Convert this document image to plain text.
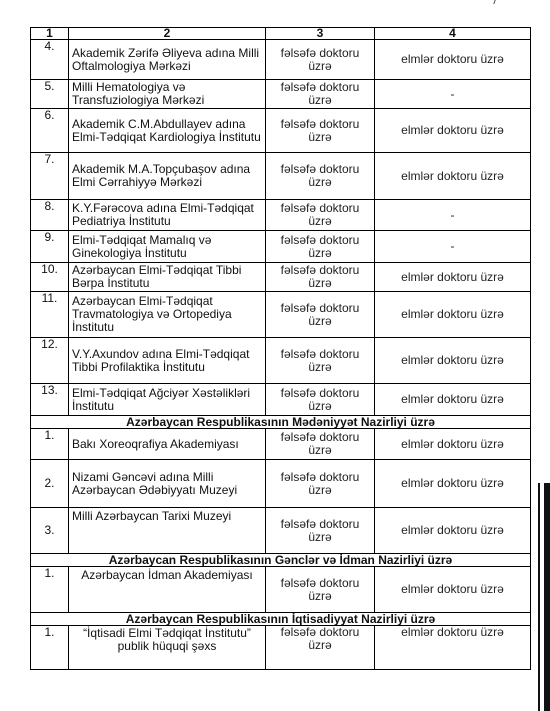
1	2	3	4
4.	Akademik Zərifə Əliyeva adına Milli Oftalmologiya Mərkəzi	fəlsəfə doktoru üzrə	elmlər doktoru üzrə
5.	Milli Hematologiya və Transfuziologiya Mərkəzi	fəlsəfə doktoru üzrə	-
6.	Akademik C.M.Abdullayev adına Elmi-Tədqiqat Kardiologiya İnstitutu	fəlsəfə doktoru üzrə	elmlər doktoru üzrə
7.	Akademik M.A.Topçubaşov adına Elmi Cərrahiyyə Mərkəzi	fəlsəfə doktoru üzrə	elmlər doktoru üzrə
8.	K.Y.Fərəcova adına Elmi-Tədqiqat Pediatriya İnstitutu	fəlsəfə doktoru üzrə	-
9.	Elmi-Tədqiqat Mamalıq və Ginekologiya İnstitutu	fəlsəfə doktoru üzrə	-
10.	Azərbaycan Elmi-Tədqiqat Tibbi Bərpa İnstitutu	fəlsəfə doktoru üzrə	elmlər doktoru üzrə
11.	Azərbaycan Elmi-Tədqiqat Travmatologiya və Ortopediya İnstitutu	fəlsəfə doktoru üzrə	elmlər doktoru üzrə
12.	V.Y.Axundov adına Elmi-Tədqiqat Tibbi Profilaktika İnstitutu	fəlsəfə doktoru üzrə	elmlər doktoru üzrə
13.	Elmi-Tədqiqat Ağciyər Xəstəlikləri İnstitutu	fəlsəfə doktoru üzrə	elmlər doktoru üzrə
Azərbaycan Respublikasının Mədəniyyət Nazirliyi üzrə			
1.	Bakı Xoreoqrafiya Akademiyası	fəlsəfə doktoru üzrə	elmlər doktoru üzrə
2.	Nizami Gəncəvi adına Milli Azərbaycan Ədəbiyyatı Muzeyi	fəlsəfə doktoru üzrə	elmlər doktoru üzrə
3.	Milli Azərbaycan Tarixi Muzeyi	fəlsəfə doktoru üzrə	elmlər doktoru üzrə
Azərbaycan Respublikasının Gənclər və İdman Nazirliyi üzrə			
1.	Azərbaycan İdman Akademiyası	fəlsəfə doktoru üzrə	elmlər doktoru üzrə
Azərbaycan Respublikasının İqtisadiyyat Nazirliyi üzrə			
1.	“İqtisadi Elmi Tədqiqat İnstitutu” publik hüquqi şəxs	fəlsəfə doktoru üzrə	elmlər doktoru üzrə
